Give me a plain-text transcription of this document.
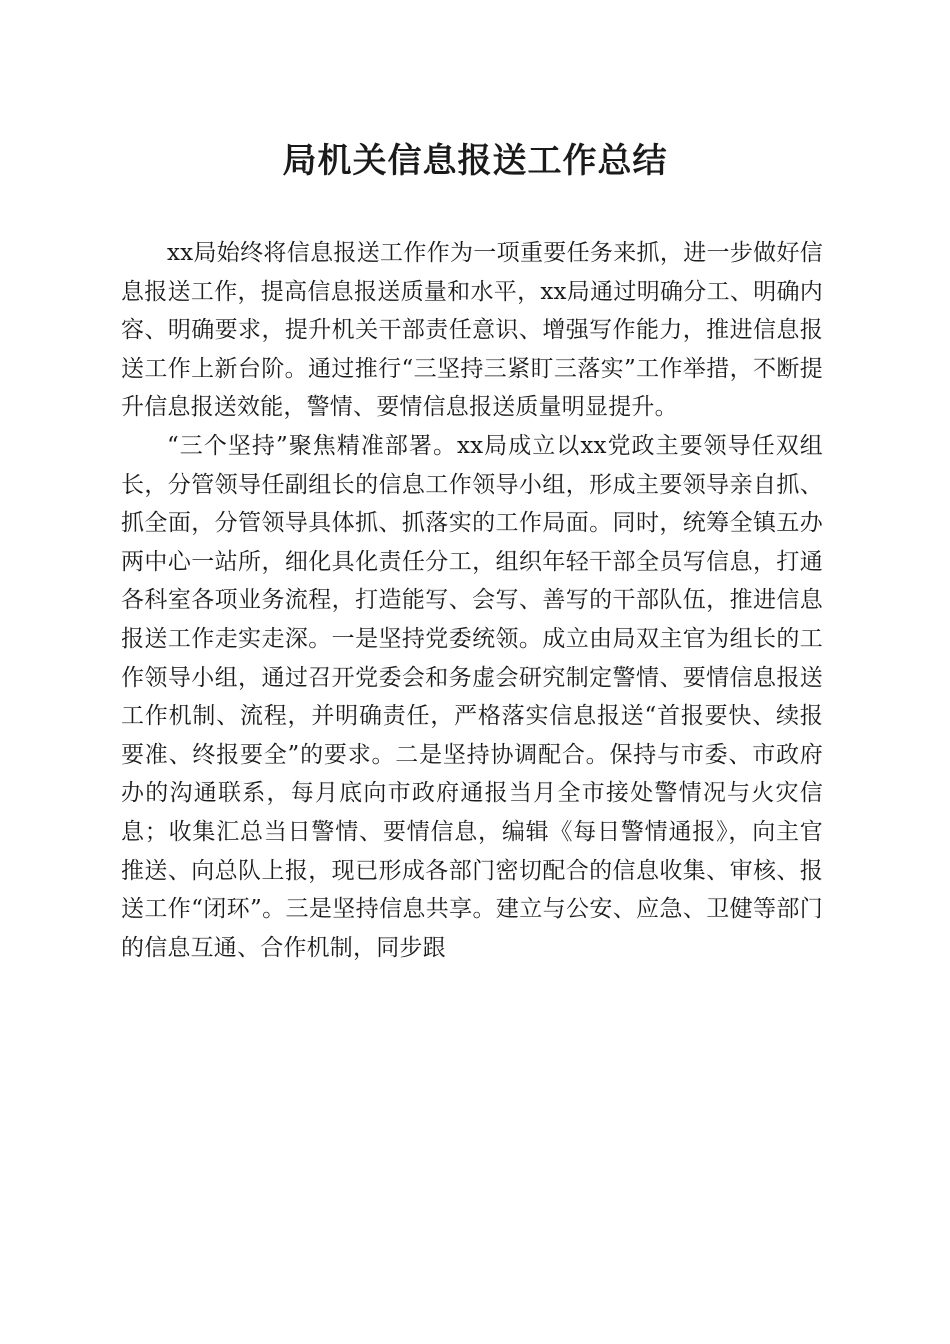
局机关信息报送工作总结

xx局始终将信息报送工作作为一项重要任务来抓，进一步做好信息报送工作，提高信息报送质量和水平，xx局通过明确分工、明确内容、明确要求，提升机关干部责任意识、增强写作能力，推进信息报送工作上新台阶。通过推行“三坚持三紧盯三落实”工作举措，不断提升信息报送效能，警情、要情信息报送质量明显提升。

“三个坚持”聚焦精准部署。xx局成立以xx党政主要领导任双组长，分管领导任副组长的信息工作领导小组，形成主要领导亲自抓、抓全面，分管领导具体抓、抓落实的工作局面。同时，统筹全镇五办两中心一站所，细化具化责任分工，组织年轻干部全员写信息，打通各科室各项业务流程，打造能写、会写、善写的干部队伍，推进信息报送工作走实走深。一是坚持党委统领。成立由局双主官为组长的工作领导小组，通过召开党委会和务虚会研究制定警情、要情信息报送工作机制、流程，并明确责任，严格落实信息报送“首报要快、续报要准、终报要全”的要求。二是坚持协调配合。保持与市委、市政府办的沟通联系，每月底向市政府通报当月全市接处警情况与火灾信息；收集汇总当日警情、要情信息，编辑《每日警情通报》，向主官推送、向总队上报，现已形成各部门密切配合的信息收集、审核、报送工作“闭环”。三是坚持信息共享。建立与公安、应急、卫健等部门的信息互通、合作机制，同步跟
